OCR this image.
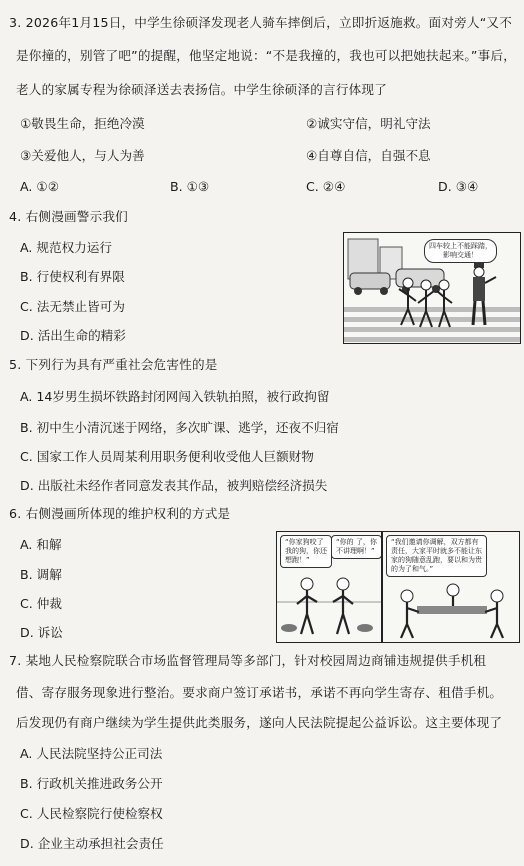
3. 2026年1月15日，中学生徐硕泽发现老人骑车摔倒后，立即折返施救。面对旁人“又不
是你撞的，别管了吧”的提醒，他坚定地说：“不是我撞的，我也可以把她扶起来。”事后，
老人的家属专程为徐硕泽送去表扬信。中学生徐硕泽的言行体现了
①敬畏生命，拒绝冷漠	②诚实守信，明礼守法
③关爱他人，与人为善	④自尊自信，自强不息
A. ①②	B. ①③	C. ②④	D. ③④
4. 右侧漫画警示我们
A. 规范权力运行
B. 行使权利有界限
C. 法无禁止皆可为
D. 活出生命的精彩
四车较上不能踩踏，
影响交通！
5. 下列行为具有严重社会危害性的是
A. 14岁男生损坏铁路封闭网闯入铁轨拍照，被行政拘留
B. 初中生小清沉迷于网络，多次旷课、逃学，还夜不归宿
C. 国家工作人员周某利用职务便利收受他人巨额财物
D. 出版社未经作者同意发表其作品，被判赔偿经济损失
6. 右侧漫画所体现的维护权利的方式是
A. 和解
B. 调解
C. 仲裁
D. 诉讼
“你家狗咬了
我的狗，你还
想跑！”
“你的 了，你
不讲理啊！”
“我们邀请你调解，双方都有
责任，大家平时就多不能让东
家的狗随意乱跑，要以和为贵
的为了和气。”
7. 某地人民检察院联合市场监督管理局等多部门，针对校园周边商铺违规提供手机租
借、寄存服务现象进行整治。要求商户签订承诺书，承诺不再向学生寄存、租借手机。
后发现仍有商户继续为学生提供此类服务，遂向人民法院提起公益诉讼。这主要体现了
A. 人民法院坚持公正司法
B. 行政机关推进政务公开
C. 人民检察院行使检察权
D. 企业主动承担社会责任
